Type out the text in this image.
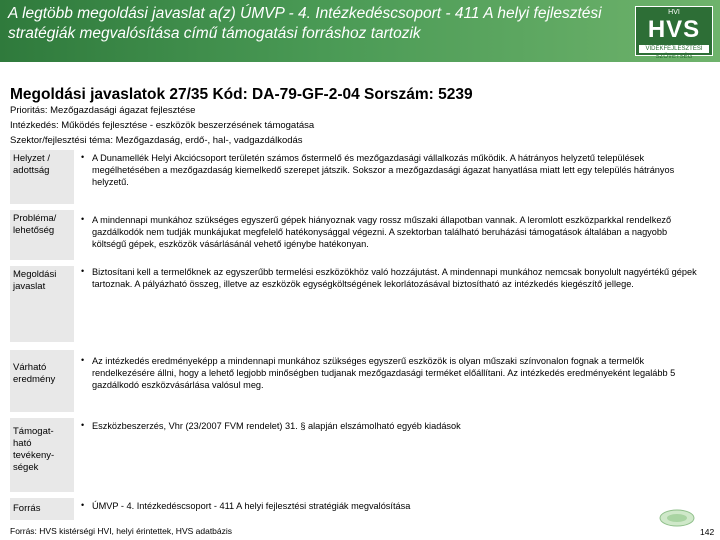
A legtöbb megoldási javaslat a(z) ÚMVP - 4. Intézkedéscsoport - 411 A helyi fejlesztési stratégiák megvalósítása című támogatási forráshoz tartozik
HVI
HVS
VIDÉKFEJLESZTÉSI SZÖVETSÉG
Megoldási javaslatok 27/35 Kód: DA-79-GF-2-04 Sorszám: 5239
Prioritás: Mezőgazdasági ágazat fejlesztése
Intézkedés: Működés fejlesztése - eszközök beszerzésének támogatása
Szektor/fejlesztési téma: Mezőgazdaság, erdő-, hal-, vadgazdálkodás
Helyzet / adottság
• A Dunamellék Helyi Akciócsoport területén számos őstermelő és mezőgazdasági vállalkozás működik. A hátrányos helyzetű települések megélhetésében a mezőgazdaság kiemelkedő szerepet játszik. Sokszor a mezőgazdasági ágazat hanyatlása miatt lett egy település hátrányos helyzetű.
Probléma/ lehetőség
• A mindennapi munkához szükséges egyszerű gépek hiányoznak vagy rossz műszaki állapotban vannak. A leromlott eszközparkkal rendelkező gazdálkodók nem tudják munkájukat megfelelő hatékonysággal végezni. A szektorban található beruházási támogatások általában a nagyobb költségű gépek, eszközök vásárlásánál vehető igénybe hatékonyan.
Megoldási javaslat
• Biztosítani kell a termelőknek az egyszerűbb termelési eszközökhöz való hozzájutást. A mindennapi munkához nemcsak bonyolult nagyértékű gépek tartoznak. A pályázható összeg, illetve az eszközök egységköltségének lekorlátozásával biztosítható az intézkedés kiegészítő jellege.
Várható eredmény
• Az intézkedés eredményeképp a mindennapi munkához szükséges egyszerű eszközök is olyan műszaki színvonalon fognak a termelők rendelkezésére állni, hogy a lehető legjobb minőségben tudjanak mezőgazdasági terméket előállítani. Az intézkedés eredményeként legalább 5 gazdálkodó eszközvásárlása valósul meg.
Támogat-ható tevékeny-ségek
• Eszközbeszerzés, Vhr (23/2007 FVM rendelet) 31. § alapján elszámolható egyéb kiadások
Forrás	• ÚMVP - 4. Intézkedéscsoport - 411 A helyi fejlesztési stratégiák megvalósítása
Forrás: HVS kistérségi HVI, helyi érintettek, HVS adatbázis	142
